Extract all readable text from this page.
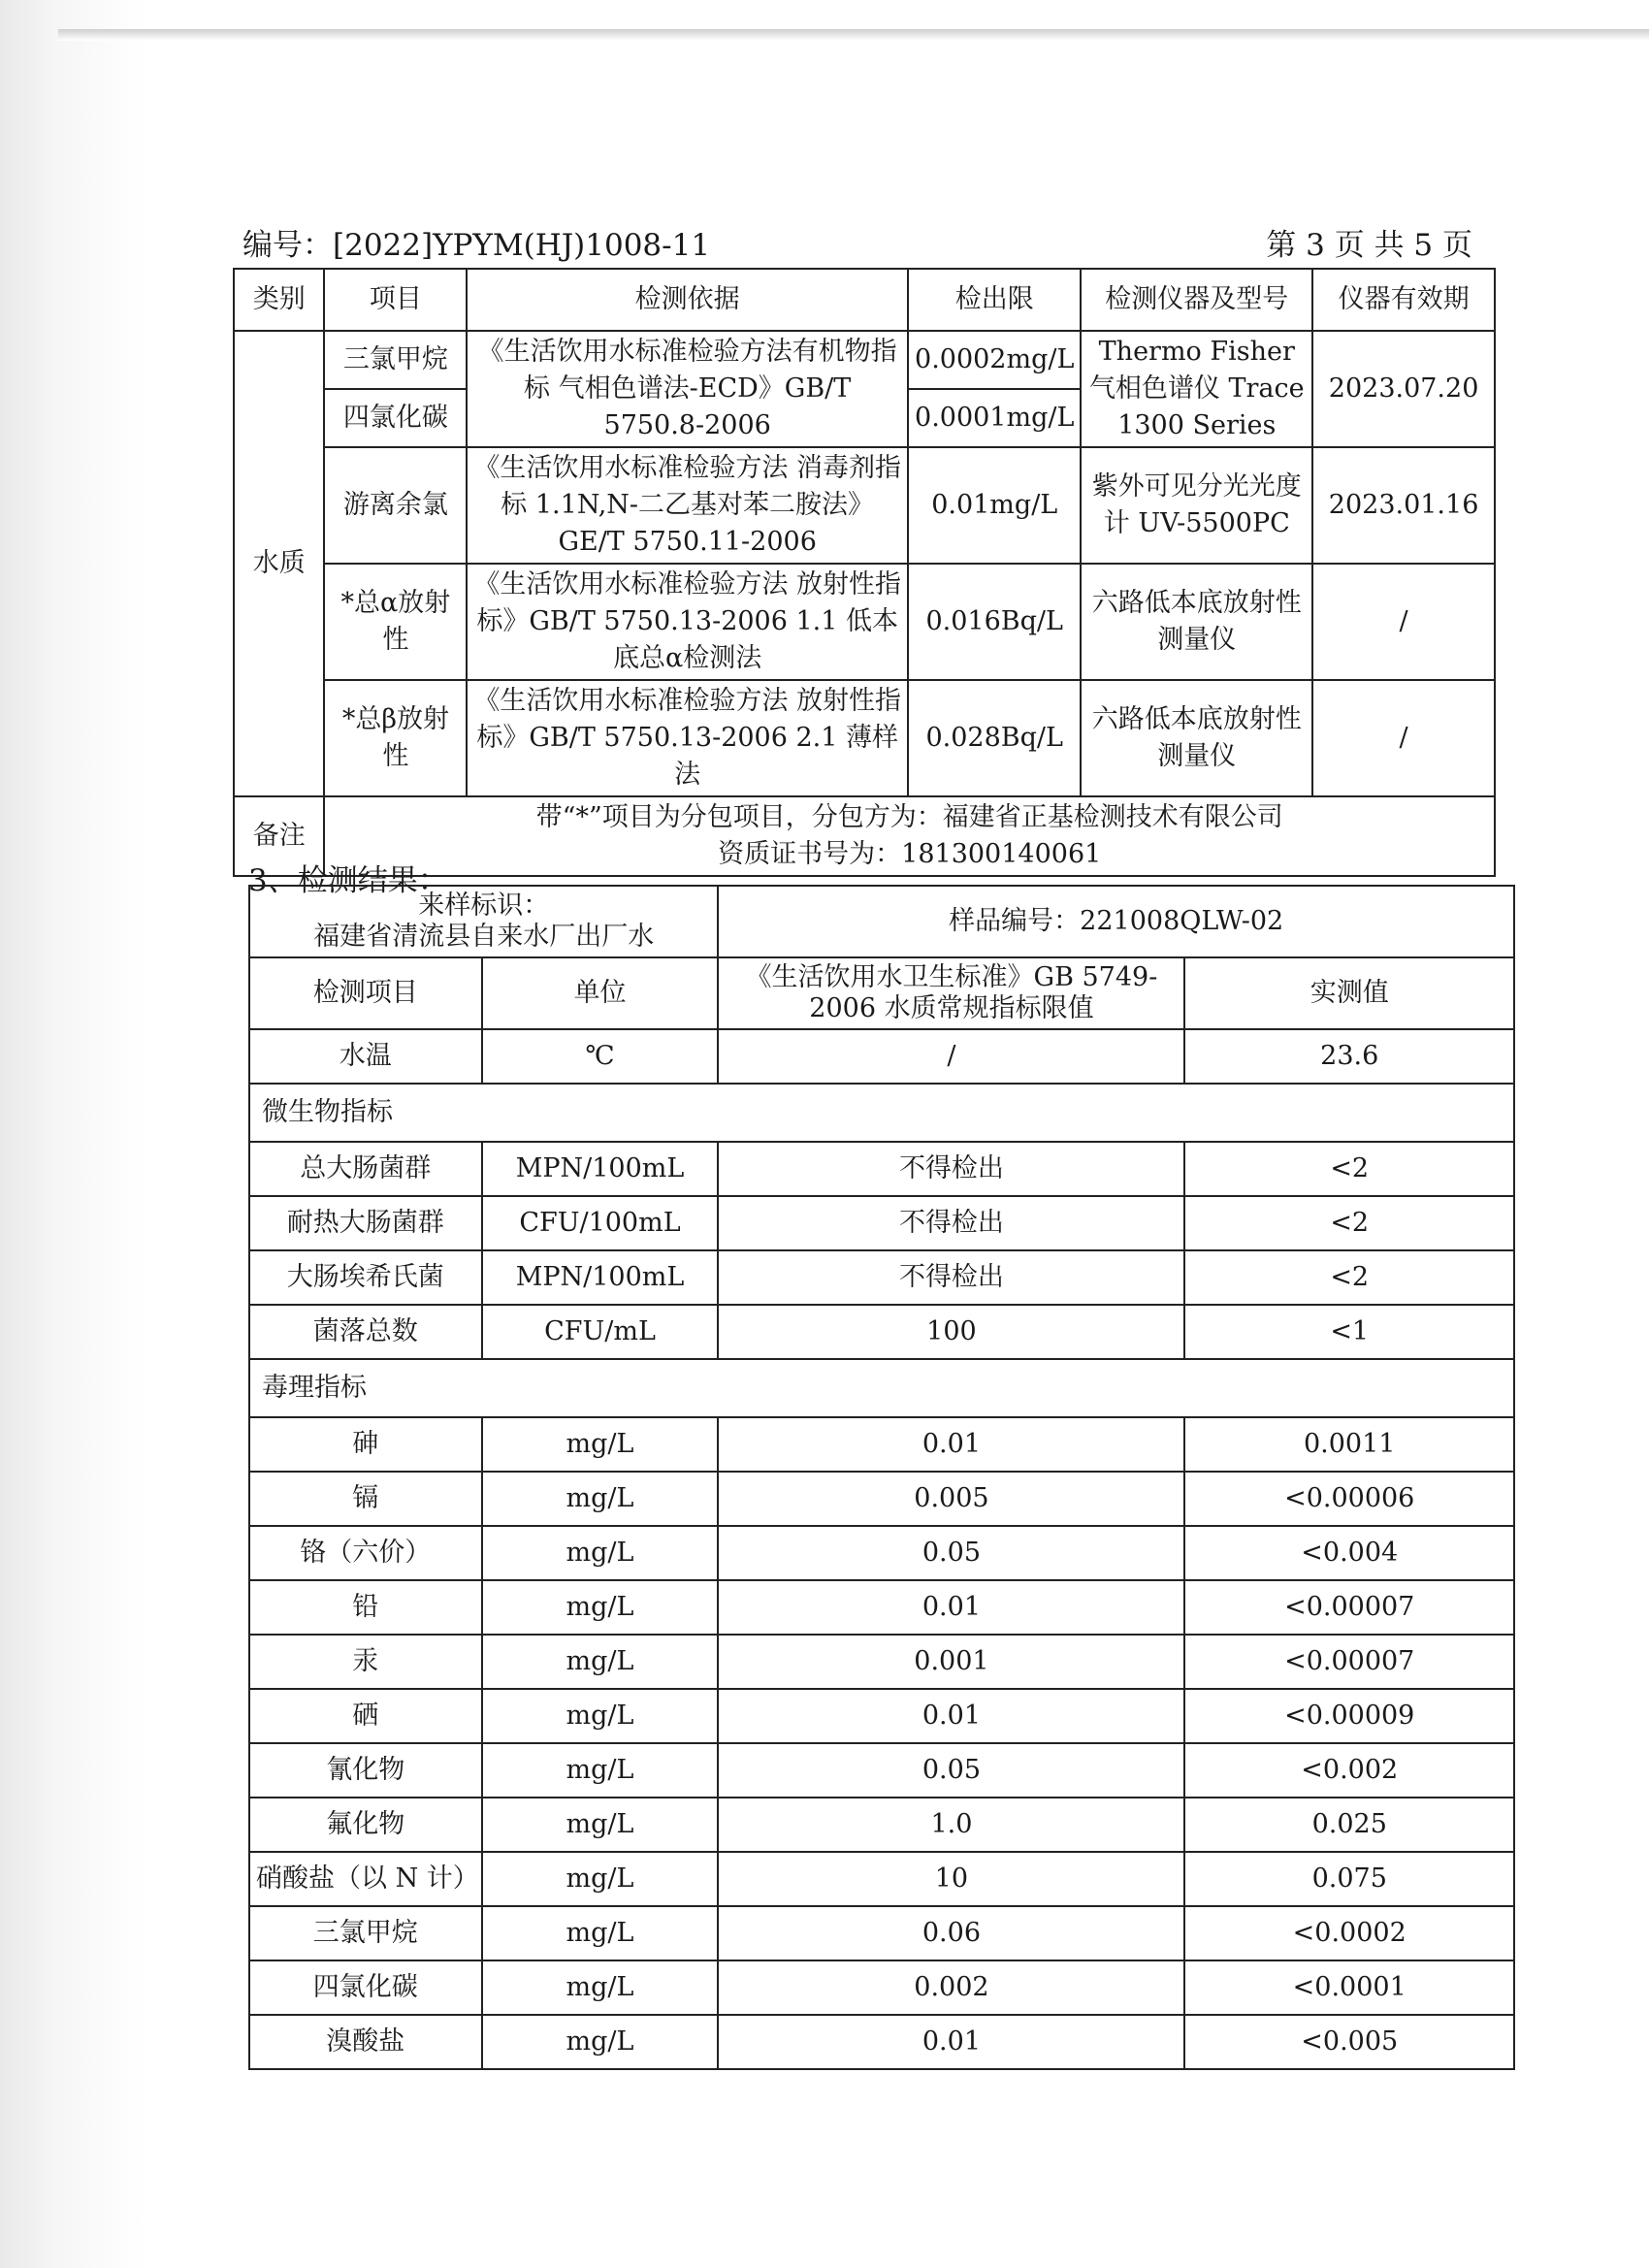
编号：[2022]YPYM(HJ)1008-11	第 3 页 共 5 页
类别	项目	检测依据	检出限	检测仪器及型号	仪器有效期
水质	三氯甲烷	《生活饮用水标准检验方法有机物指标 气相色谱法-ECD》GB/T 5750.8-2006	0.0002mg/L	Thermo Fisher气相色谱仪 Trace 1300 Series	2023.07.20
	四氯化碳		0.0001mg/L		
	游离余氯	《生活饮用水标准检验方法 消毒剂指标 1.1N,N-二乙基对苯二胺法》GE/T 5750.11-2006	0.01mg/L	紫外可见分光光度计 UV-5500PC	2023.01.16
	*总α放射性	《生活饮用水标准检验方法 放射性指标》GB/T 5750.13-2006 1.1 低本底总α检测法	0.016Bq/L	六路低本底放射性测量仪	/
	*总β放射性	《生活饮用水标准检验方法 放射性指标》GB/T 5750.13-2006 2.1 薄样法	0.028Bq/L	六路低本底放射性测量仪	/
备注	带“*”项目为分包项目，分包方为：福建省正基检测技术有限公司
资质证书号为：181300140061				
3、检测结果：
来样标识：
福建省清流县自来水厂出厂水		样品编号：221008QLW-02	
检测项目	单位	《生活饮用水卫生标准》GB 5749-2006 水质常规指标限值	实测值
水温	℃	/	23.6
微生物指标			
总大肠菌群	MPN/100mL	不得检出	<2
耐热大肠菌群	CFU/100mL	不得检出	<2
大肠埃希氏菌	MPN/100mL	不得检出	<2
菌落总数	CFU/mL	100	<1
毒理指标			
砷	mg/L	0.01	0.0011
镉	mg/L	0.005	<0.00006
铬（六价）	mg/L	0.05	<0.004
铅	mg/L	0.01	<0.00007
汞	mg/L	0.001	<0.00007
硒	mg/L	0.01	<0.00009
氰化物	mg/L	0.05	<0.002
氟化物	mg/L	1.0	0.025
硝酸盐（以 N 计）	mg/L	10	0.075
三氯甲烷	mg/L	0.06	<0.0002
四氯化碳	mg/L	0.002	<0.0001
溴酸盐	mg/L	0.01	<0.005
